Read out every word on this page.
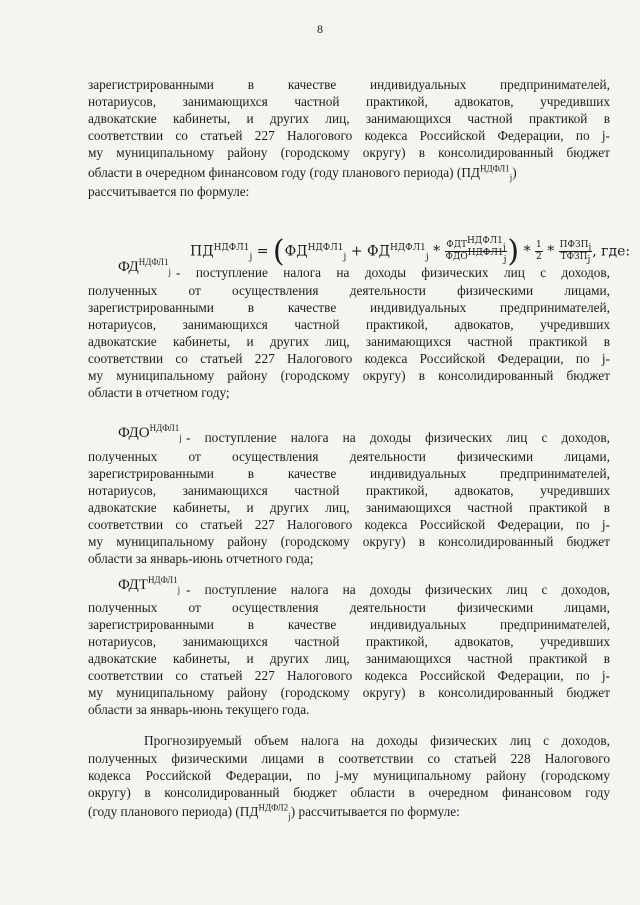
8
зарегистрированными в качестве индивидуальных предпринимателей,
нотариусов, занимающихся частной практикой, адвокатов, учредивших
адвокатские кабинеты, и других лиц, занимающихся частной практикой в
соответствии со статьей 227 Налогового кодекса Российской Федерации, по j-
му муниципальному району (городскому округу) в консолидированный бюджет
области в очередном финансовом году (году планового периода) $(ПД^{НДФЛ1}_j)$
рассчитывается по формуле:
$ПД^{НДФЛ1}_j = (ФД^{НДФЛ1}_j + ФД^{НДФЛ1}_j * \frac{ФДТ^{НДФЛ1}_j}{ФДО^{НДФЛ1}_j}$ ) * $\frac{1}{2} * \frac{ПФЗП_j}{ТФЗП_j}$ , где:
$ФД^{НДФЛ1}_j$ - поступление налога на доходы физических лиц с доходов,
полученных от осуществления деятельности физическими лицами,
зарегистрированными в качестве индивидуальных предпринимателей,
нотариусов, занимающихся частной практикой, адвокатов, учредивших
адвокатские кабинеты, и других лиц, занимающихся частной практикой в
соответствии со статьей 227 Налогового кодекса Российской Федерации, по j-
му муниципальному району (городскому округу) в консолидированный бюджет
области в отчетном году;
$ФДО^{НДФЛ1}_j$ - поступление налога на доходы физических лиц с доходов,
полученных от осуществления деятельности физическими лицами,
зарегистрированными в качестве индивидуальных предпринимателей,
нотариусов, занимающихся частной практикой, адвокатов, учредивших
адвокатские кабинеты, и других лиц, занимающихся частной практикой в
соответствии со статьей 227 Налогового кодекса Российской Федерации, по j-
му муниципальному району (городскому округу) в консолидированный бюджет
области за январь-июнь отчетного года;
$ФДТ^{НДФЛ1}_j$ - поступление налога на доходы физических лиц с доходов,
полученных от осуществления деятельности физическими лицами,
зарегистрированными в качестве индивидуальных предпринимателей,
нотариусов, занимающихся частной практикой, адвокатов, учредивших
адвокатские кабинеты, и других лиц, занимающихся частной практикой в
соответствии со статьей 227 Налогового кодекса Российской Федерации, по j-
му муниципальному району (городскому округу) в консолидированный бюджет
области за январь-июнь текущего года.
Прогнозируемый объем налога на доходы физических лиц с доходов,
полученных физическими лицами в соответствии со статьей 228 Налогового
кодекса Российской Федерации, по j-му муниципальному району (городскому
округу) в консолидированный бюджет области в очередном финансовом году
(году планового периода) $(ПД^{НДФЛ2}_j)$ рассчитывается по формуле:
